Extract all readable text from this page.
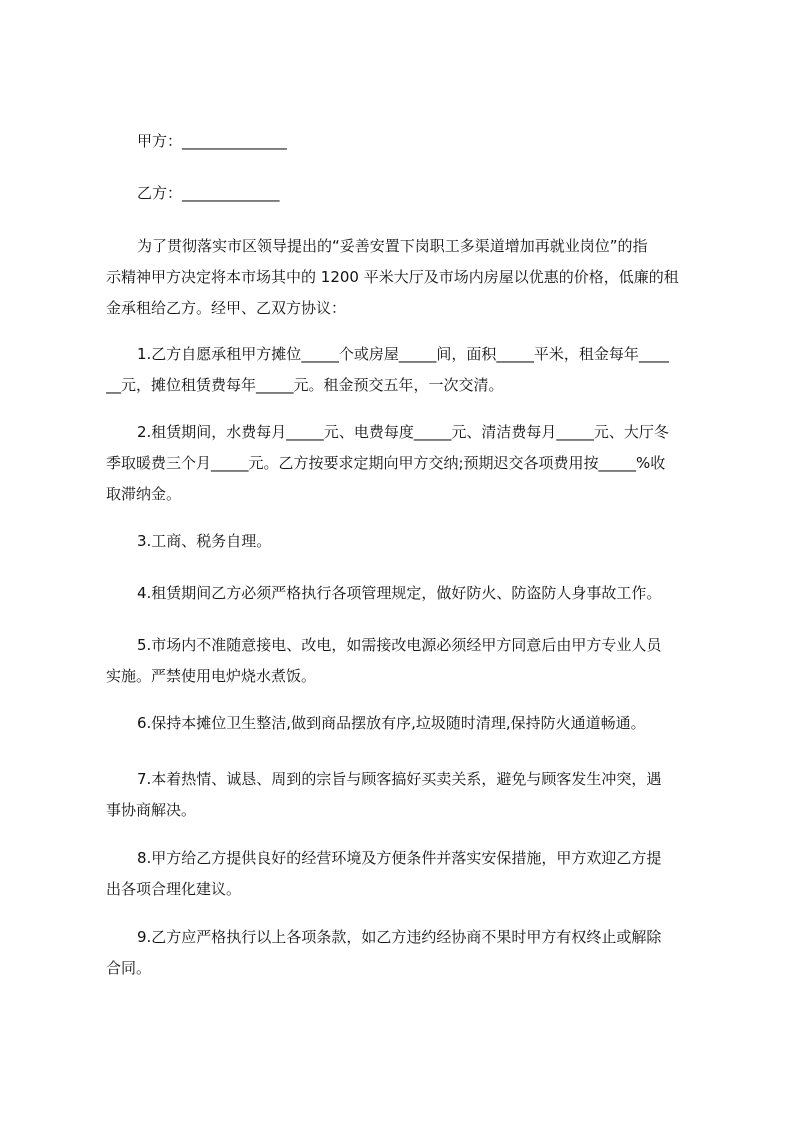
甲方：______________
乙方：_____________
为了贯彻落实市区领导提出的“妥善安置下岗职工多渠道增加再就业岗位”的指
示精神甲方决定将本市场其中的 1200 平米大厅及市场内房屋以优惠的价格，低廉的租
金承租给乙方。经甲、乙双方协议：
1.乙方自愿承租甲方摊位_____个或房屋_____间，面积_____平米，租金每年____
__元，摊位租赁费每年_____元。租金预交五年，一次交清。
2.租赁期间，水费每月_____元、电费每度_____元、清洁费每月_____元、大厅冬
季取暖费三个月_____元。乙方按要求定期向甲方交纳;预期迟交各项费用按_____%收
取滞纳金。
3.工商、税务自理。
4.租赁期间乙方必须严格执行各项管理规定，做好防火、防盗防人身事故工作。
5.市场内不准随意接电、改电，如需接改电源必须经甲方同意后由甲方专业人员
实施。严禁使用电炉烧水煮饭。
6.保持本摊位卫生整洁,做到商品摆放有序,垃圾随时清理,保持防火通道畅通。
7.本着热情、诚恳、周到的宗旨与顾客搞好买卖关系，避免与顾客发生冲突，遇
事协商解决。
8.甲方给乙方提供良好的经营环境及方便条件并落实安保措施，甲方欢迎乙方提
出各项合理化建议。
9.乙方应严格执行以上各项条款，如乙方违约经协商不果时甲方有权终止或解除
合同。
